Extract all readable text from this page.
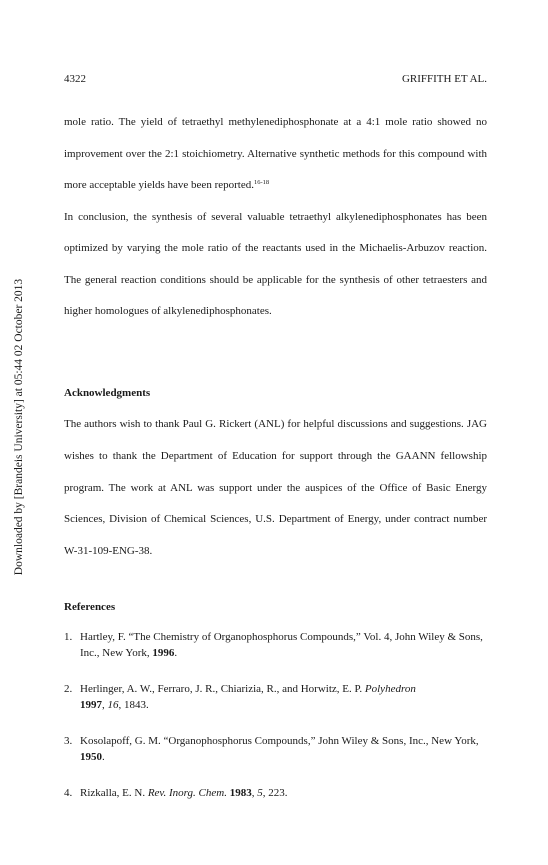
Downloaded by [Brandeis University] at 05:44 02 October 2013
4322	GRIFFITH ET AL.

mole ratio. The yield of tetraethyl methylenediphosphonate at a 4:1 mole ratio showed no improvement over the 2:1 stoichiometry. Alternative synthetic methods for this compound with more acceptable yields have been reported.$^{16-18}$

In conclusion, the synthesis of several valuable tetraethyl alkylenediphosphonates has been optimized by varying the mole ratio of the reactants used in the Michaelis-Arbuzov reaction. The general reaction conditions should be applicable for the synthesis of other tetraesters and higher homologues of alkylenediphosphonates.

Acknowledgments

The authors wish to thank Paul G. Rickert (ANL) for helpful discussions and suggestions. JAG wishes to thank the Department of Education for support through the GAANN fellowship program. The work at ANL was support under the auspices of the Office of Basic Energy Sciences, Division of Chemical Sciences, U.S. Department of Energy, under contract number W-31-109-ENG-38.

References
1. Hartley, F. “The Chemistry of Organophosphorus Compounds,” Vol. 4, John Wiley & Sons, Inc., New York, 1996.
2. Herlinger, A. W., Ferraro, J. R., Chiarizia, R., and Horwitz, E. P. Polyhedron
1997, 16, 1843.
3. Kosolapoff, G. M. “Organophosphorus Compounds,” John Wiley & Sons, Inc., New York, 1950.
4. Rizkalla, E. N. Rev. Inorg. Chem. 1983, 5, 223.
